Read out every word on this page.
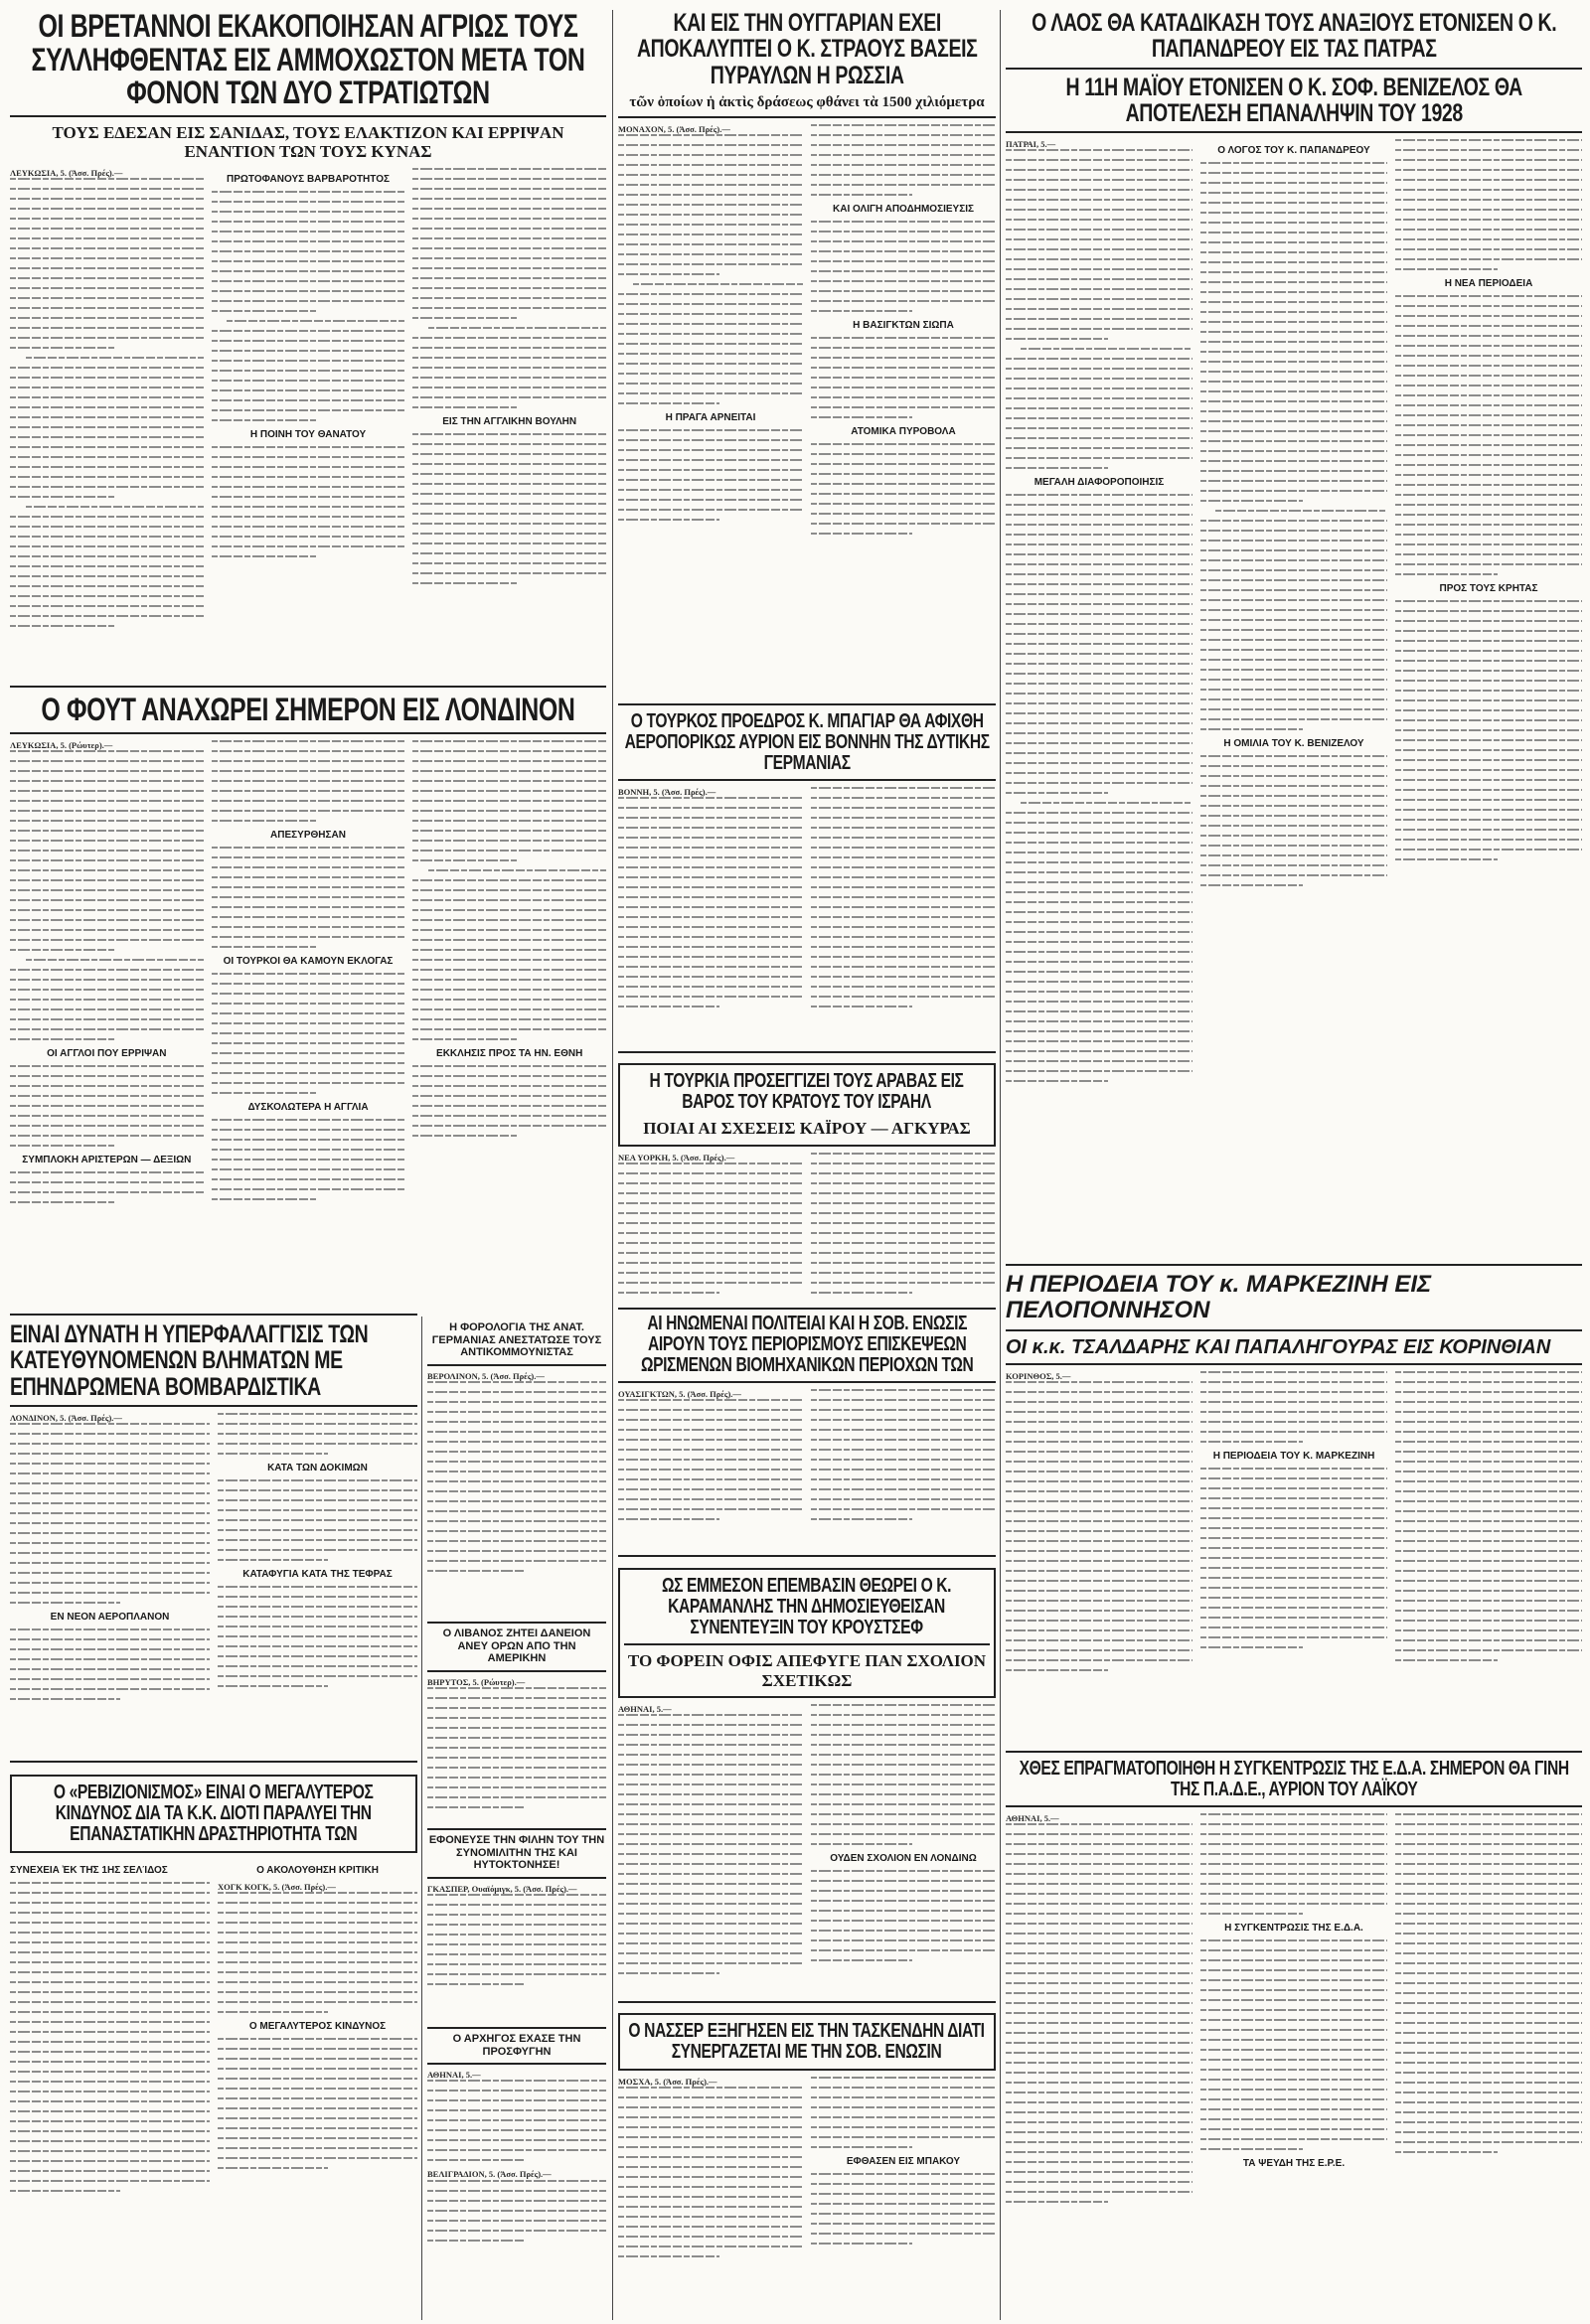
ΟΙ ΒΡΕΤΑΝΝΟΙ ΕΚΑΚΟΠΟΙΗΣΑΝ ΑΓΡΙΩΣ ΤΟΥΣ ΣΥΛΛΗΦΘΕΝΤΑΣ ΕΙΣ ΑΜΜΟΧΩΣΤΟΝ ΜΕΤΑ ΤΟΝ ΦΟΝΟΝ ΤΩΝ ΔΥΟ ΣΤΡΑΤΙΩΤΩΝ
ΤΟΥΣ ΕΔΕΣΑΝ ΕΙΣ ΣΑΝΙΔΑΣ, ΤΟΥΣ ΕΛΑΚΤΙΖΟΝ ΚΑΙ ΕΡΡΙΨΑΝ ΕΝΑΝΤΙΟΝ ΤΩΝ ΤΟΥΣ ΚΥΝΑΣ
ΛΕΥΚΩΣΙΑ, 5. (Άσσ. Πρές).—
ΠΡΩΤΟΦΑΝΟΥΣ ΒΑΡΒΑΡΟΤΗΤΟΣ
Η ΠΟΙΝΗ ΤΟΥ ΘΑΝΑΤΟΥ
ΕΙΣ ΤΗΝ ΑΓΓΛΙΚΗΝ ΒΟΥΛΗΝ
ΚΑΙ ΕΙΣ ΤΗΝ ΟΥΓΓΑΡΙΑΝ ΕΧΕΙ ΑΠΟΚΑΛΥΠΤΕΙ Ο Κ. ΣΤΡΑΟΥΣ ΒΑΣΕΙΣ ΠΥΡΑΥΛΩΝ Η ΡΩΣΣΙΑ
τῶν ὁποίων ἡ ἀκτὶς δράσεως φθάνει τὰ 1500 χιλιόμετρα
ΜΟΝΑΧΟΝ, 5. (Άσσ. Πρές).—
Η ΠΡΑΓΑ ΑΡΝΕΙΤΑΙ
ΚΑΙ ΟΛΙΓΗ ΑΠΟΔΗΜΟΣΙΕΥΣΙΣ
Η ΒΑΣΙΓΚΤΩΝ ΣΙΩΠΑ
ΑΤΟΜΙΚΑ ΠΥΡΟΒΟΛΑ
Ο ΛΑΟΣ ΘΑ ΚΑΤΑΔΙΚΑΣΗ ΤΟΥΣ ΑΝΑΞΙΟΥΣ ΕΤΟΝΙΣΕΝ Ο Κ. ΠΑΠΑΝΔΡΕΟΥ ΕΙΣ ΤΑΣ ΠΑΤΡΑΣ
Η 11Η ΜΑΪΟΥ ΕΤΟΝΙΣΕΝ Ο Κ. ΣΟΦ. ΒΕΝΙΖΕΛΟΣ ΘΑ ΑΠΟΤΕΛΕΣΗ ΕΠΑΝΑΛΗΨΙΝ ΤΟΥ 1928
ΠΑΤΡΑΙ, 5.—
ΜΕΓΑΛΗ ΔΙΑΦΟΡΟΠΟΙΗΣΙΣ
Ο ΛΟΓΟΣ ΤΟΥ Κ. ΠΑΠΑΝΔΡΕΟΥ
Η ΟΜΙΛΙΑ ΤΟΥ Κ. ΒΕΝΙΖΕΛΟΥ
Η ΝΕΑ ΠΕΡΙΟΔΕΙΑ
ΠΡΟΣ ΤΟΥΣ ΚΡΗΤΑΣ
Ο ΦΟΥΤ ΑΝΑΧΩΡΕΙ ΣΗΜΕΡΟΝ ΕΙΣ ΛΟΝΔΙΝΟΝ
ΛΕΥΚΩΣΙΑ, 5. (Ρώυτερ).—
ΟΙ ΑΓΓΛΟΙ ΠΟΥ ΕΡΡΙΨΑΝ
ΣΥΜΠΛΟΚΗ ΑΡΙΣΤΕΡΩΝ — ΔΕΞΙΩΝ
ΑΠΕΣΥΡΘΗΣΑΝ
ΟΙ ΤΟΥΡΚΟΙ ΘΑ ΚΑΜΟΥΝ ΕΚΛΟΓΑΣ
ΔΥΣΚΟΛΩΤΕΡΑ Η ΑΓΓΛΙΑ
ΕΚΚΛΗΣΙΣ ΠΡΟΣ ΤΑ ΗΝ. ΕΘΝΗ
Ο ΤΟΥΡΚΟΣ ΠΡΟΕΔΡΟΣ Κ. ΜΠΑΓΙΑΡ ΘΑ ΑΦΙΧΘΗ ΑΕΡΟΠΟΡΙΚΩΣ ΑΥΡΙΟΝ ΕΙΣ ΒΟΝΝΗΝ ΤΗΣ ΔΥΤΙΚΗΣ ΓΕΡΜΑΝΙΑΣ
ΒΟΝΝΗ, 5. (Άσσ. Πρές).—
Η ΤΟΥΡΚΙΑ ΠΡΟΣΕΓΓΙΖΕΙ ΤΟΥΣ ΑΡΑΒΑΣ ΕΙΣ ΒΑΡΟΣ ΤΟΥ ΚΡΑΤΟΥΣ ΤΟΥ ΙΣΡΑΗΛ
ΠΟΙΑΙ ΑΙ ΣΧΕΣΕΙΣ ΚΑΪΡΟΥ — ΑΓΚΥΡΑΣ
ΝΕΑ ΥΟΡΚΗ, 5. (Άσσ. Πρές).—
ΕΙΝΑΙ ΔΥΝΑΤΗ Η ΥΠΕΡΦΑΛΑΓΓΙΣΙΣ ΤΩΝ ΚΑΤΕΥΘΥΝΟΜΕΝΩΝ ΒΛΗΜΑΤΩΝ ΜΕ ΕΠΗΝΔΡΩΜΕΝΑ ΒΟΜΒΑΡΔΙΣΤΙΚΑ
ΛΟΝΔΙΝΟΝ, 5. (Άσσ. Πρές).—
ΕΝ ΝΕΟΝ ΑΕΡΟΠΛΑΝΟΝ
ΚΑΤΑ ΤΩΝ ΔΟΚΙΜΩΝ
ΚΑΤΑΦΥΓΙΑ ΚΑΤΑ ΤΗΣ ΤΕΦΡΑΣ
Η ΦΟΡΟΛΟΓΙΑ ΤΗΣ ΑΝΑΤ. ΓΕΡΜΑΝΙΑΣ ΑΝΕΣΤΑΤΩΣΕ ΤΟΥΣ ΑΝΤΙΚΟΜΜΟΥΝΙΣΤΑΣ
ΒΕΡΟΛΙΝΟΝ, 5. (Άσσ. Πρές).—
Ο ΛΙΒΑΝΟΣ ΖΗΤΕΙ ΔΑΝΕΙΟΝ ΑΝΕΥ ΟΡΩΝ ΑΠΟ ΤΗΝ ΑΜΕΡΙΚΗΝ
ΒΗΡΥΤΟΣ, 5. (Ρώυτερ).—
ΕΦΟΝΕΥΣΕ ΤΗΝ ΦΙΛΗΝ ΤΟΥ ΤΗΝ ΣΥΝΟΜΙΛΙΤΗΝ ΤΗΣ ΚΑΙ ΗΥΤΟΚΤΟΝΗΣΕ!
ΓΚΑΣΠΕΡ, Ουαϊόμιγκ, 5. (Άσσ. Πρές).—
Ο ΑΡΧΗΓΟΣ ΕΧΑΣΕ ΤΗΝ ΠΡΟΣΦΥΓΗΝ
ΑΘΗΝΑΙ, 5.—
ΒΕΛΙΓΡΑΔΙΟΝ, 5. (Άσσ. Πρές).—
Ο «ΡΕΒΙΖΙΟΝΙΣΜΟΣ» ΕΙΝΑΙ Ο ΜΕΓΑΛΥΤΕΡΟΣ ΚΙΝΔΥΝΟΣ ΔΙΑ ΤΑ Κ.Κ. ΔΙΟΤΙ ΠΑΡΑΛΥΕΙ ΤΗΝ ΕΠΑΝΑΣΤΑΤΙΚΗΝ ΔΡΑΣΤΗΡΙΟΤΗΤΑ ΤΩΝ
ΣΥΝΕΧΕΙΑ ἘΚ ΤΗ͂Σ 1ΗΣ ΣΕΛΊΔΟΣ	Ο ΑΚΟΛΟΥΘΗΣΗ ΚΡΙΤΙΚΗ
ΧΟΓΚ ΚΟΓΚ, 5. (Άσσ. Πρές).—
Ο ΜΕΓΑΛΥΤΕΡΟΣ ΚΙΝΔΥΝΟΣ
ΑΙ ΗΝΩΜΕΝΑΙ ΠΟΛΙΤΕΙΑΙ ΚΑΙ Η ΣΟΒ. ΕΝΩΣΙΣ ΑΙΡΟΥΝ ΤΟΥΣ ΠΕΡΙΟΡΙΣΜΟΥΣ ΕΠΙΣΚΕΨΕΩΝ ΩΡΙΣΜΕΝΩΝ ΒΙΟΜΗΧΑΝΙΚΩΝ ΠΕΡΙΟΧΩΝ ΤΩΝ
ΟΥΑΣΙΓΚΤΩΝ, 5. (Άσσ. Πρές).—
ΩΣ ΕΜΜΕΣΟΝ ΕΠΕΜΒΑΣΙΝ ΘΕΩΡΕΙ Ο Κ. ΚΑΡΑΜΑΝΛΗΣ ΤΗΝ ΔΗΜΟΣΙΕΥΘΕΙΣΑΝ ΣΥΝΕΝΤΕΥΞΙΝ ΤΟΥ ΚΡΟΥΣΤΣΕΦ
ΤΟ ΦΟΡΕΙΝ ΟΦΙΣ ΑΠΕΦΥΓΕ ΠΑΝ ΣΧΟΛΙΟΝ ΣΧΕΤΙΚΩΣ
ΑΘΗΝΑΙ, 5.—
ΟΥΔΕΝ ΣΧΟΛΙΟΝ ΕΝ ΛΟΝΔΙΝΩ
Ο ΝΑΣΣΕΡ ΕΞΗΓΗΣΕΝ ΕΙΣ ΤΗΝ ΤΑΣΚΕΝΔΗΝ ΔΙΑΤΙ ΣΥΝΕΡΓΑΖΕΤΑΙ ΜΕ ΤΗΝ ΣΟΒ. ΕΝΩΣΙΝ
ΜΟΣΧΑ, 5. (Άσσ. Πρές).—
ΕΦΘΑΣΕΝ ΕΙΣ ΜΠΑΚΟΥ
Η ΠΕΡΙΟΔΕΙΑ ΤΟΥ κ. ΜΑΡΚΕΖΙΝΗ ΕΙΣ ΠΕΛΟΠΟΝΝΗΣΟΝ
ΟΙ κ.κ. ΤΣΑΛΔΑΡΗΣ ΚΑΙ ΠΑΠΑΛΗΓΟΥΡΑΣ ΕΙΣ ΚΟΡΙΝΘΙΑΝ
ΚΟΡΙΝΘΟΣ, 5.—
Η ΠΕΡΙΟΔΕΙΑ ΤΟΥ Κ. ΜΑΡΚΕΖΙΝΗ
ΧΘΕΣ ΕΠΡΑΓΜΑΤΟΠΟΙΗΘΗ Η ΣΥΓΚΕΝΤΡΩΣΙΣ ΤΗΣ Ε.Δ.Α. ΣΗΜΕΡΟΝ ΘΑ ΓΙΝΗ ΤΗΣ Π.Α.Δ.Ε., ΑΥΡΙΟΝ ΤΟΥ ΛΑΪΚΟΥ
ΑΘΗΝΑΙ, 5.—
Η ΣΥΓΚΕΝΤΡΩΣΙΣ ΤΗΣ Ε.Δ.Α.
ΤΑ ΨΕΥΔΗ ΤΗΣ Ε.Ρ.Ε.
